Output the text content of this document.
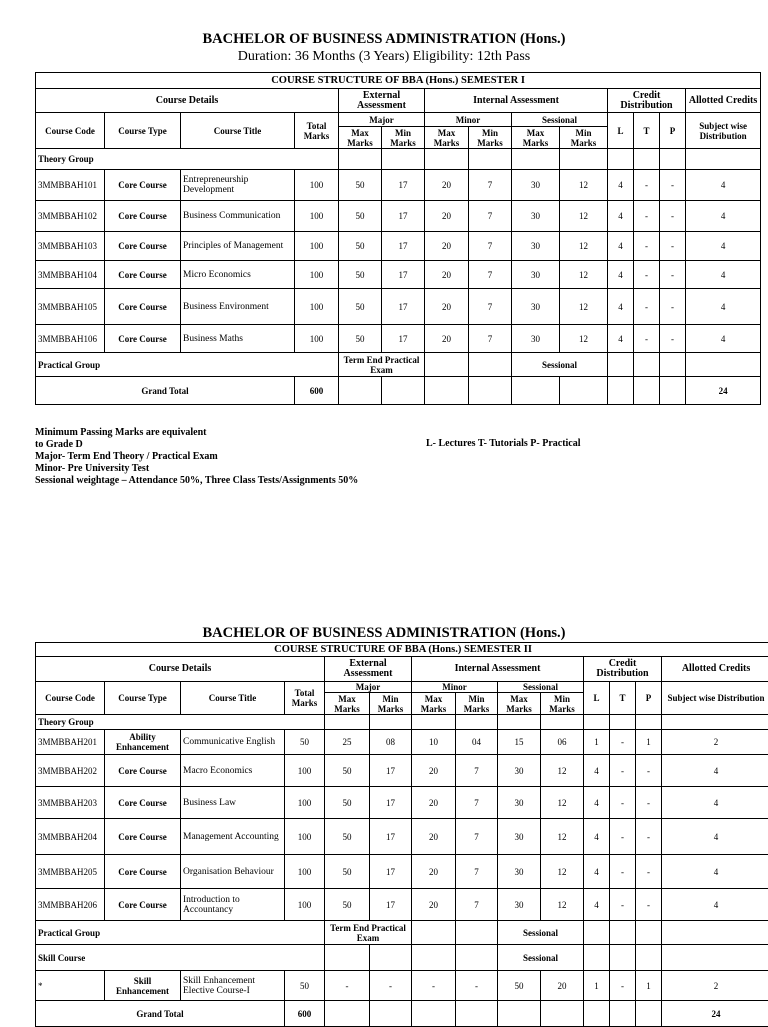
BACHELOR OF BUSINESS ADMINISTRATION (Hons.)
Duration: 36 Months (3 Years) Eligibility: 12th Pass
COURSE STRUCTURE OF BBA (Hons.) SEMESTER I													
Course Details				External Assessment		Internal Assessment				Credit Distribution			Allotted Credits
Course Code	Course Type	Course Title	Total Marks	Major		Minor		Sessional		L	T	P	Subject wise Distribution
				Max Marks	Min Marks	Max Marks	Min Marks	Max Marks	Min Marks				
Theory Group													
3MMBBAH101	Core Course	Entrepreneurship Development	100	50	17	20	7	30	12	4	-	-	4
3MMBBAH102	Core Course	Business Communication	100	50	17	20	7	30	12	4	-	-	4
3MMBBAH103	Core Course	Principles of Management	100	50	17	20	7	30	12	4	-	-	4
3MMBBAH104	Core Course	Micro Economics	100	50	17	20	7	30	12	4	-	-	4
3MMBBAH105	Core Course	Business Environment	100	50	17	20	7	30	12	4	-	-	4
3MMBBAH106	Core Course	Business Maths	100	50	17	20	7	30	12	4	-	-	4
Practical Group				Term End Practical Exam				Sessional					
Grand Total			600										24
Minimum Passing Marks are equivalent
to Grade D
Major- Term End Theory / Practical Exam
Minor- Pre University Test
Sessional weightage – Attendance 50%, Three Class Tests/Assignments 50%
L- Lectures T- Tutorials P- Practical
BACHELOR OF BUSINESS ADMINISTRATION (Hons.)
COURSE STRUCTURE OF BBA (Hons.) SEMESTER II													
Course Details				External Assessment		Internal Assessment				Credit Distribution			Allotted Credits
Course Code	Course Type	Course Title	Total Marks	Major		Minor		Sessional		L	T	P	Subject wise Distribution
				Max Marks	Min Marks	Max Marks	Min Marks	Max Marks	Min Marks				
Theory Group													
3MMBBAH201	Ability Enhancement	Communicative English	50	25	08	10	04	15	06	1	-	1	2
3MMBBAH202	Core Course	Macro Economics	100	50	17	20	7	30	12	4	-	-	4
3MMBBAH203	Core Course	Business Law	100	50	17	20	7	30	12	4	-	-	4
3MMBBAH204	Core Course	Management Accounting	100	50	17	20	7	30	12	4	-	-	4
3MMBBAH205	Core Course	Organisation Behaviour	100	50	17	20	7	30	12	4	-	-	4
3MMBBAH206	Core Course	Introduction to Accountancy	100	50	17	20	7	30	12	4	-	-	4
Practical Group				Term End Practical Exam				Sessional					
Skill Course								Sessional					
*	Skill Enhancement	Skill Enhancement Elective Course-I	50	-	-	-	-	50	20	1	-	1	2
Grand Total			600										24
